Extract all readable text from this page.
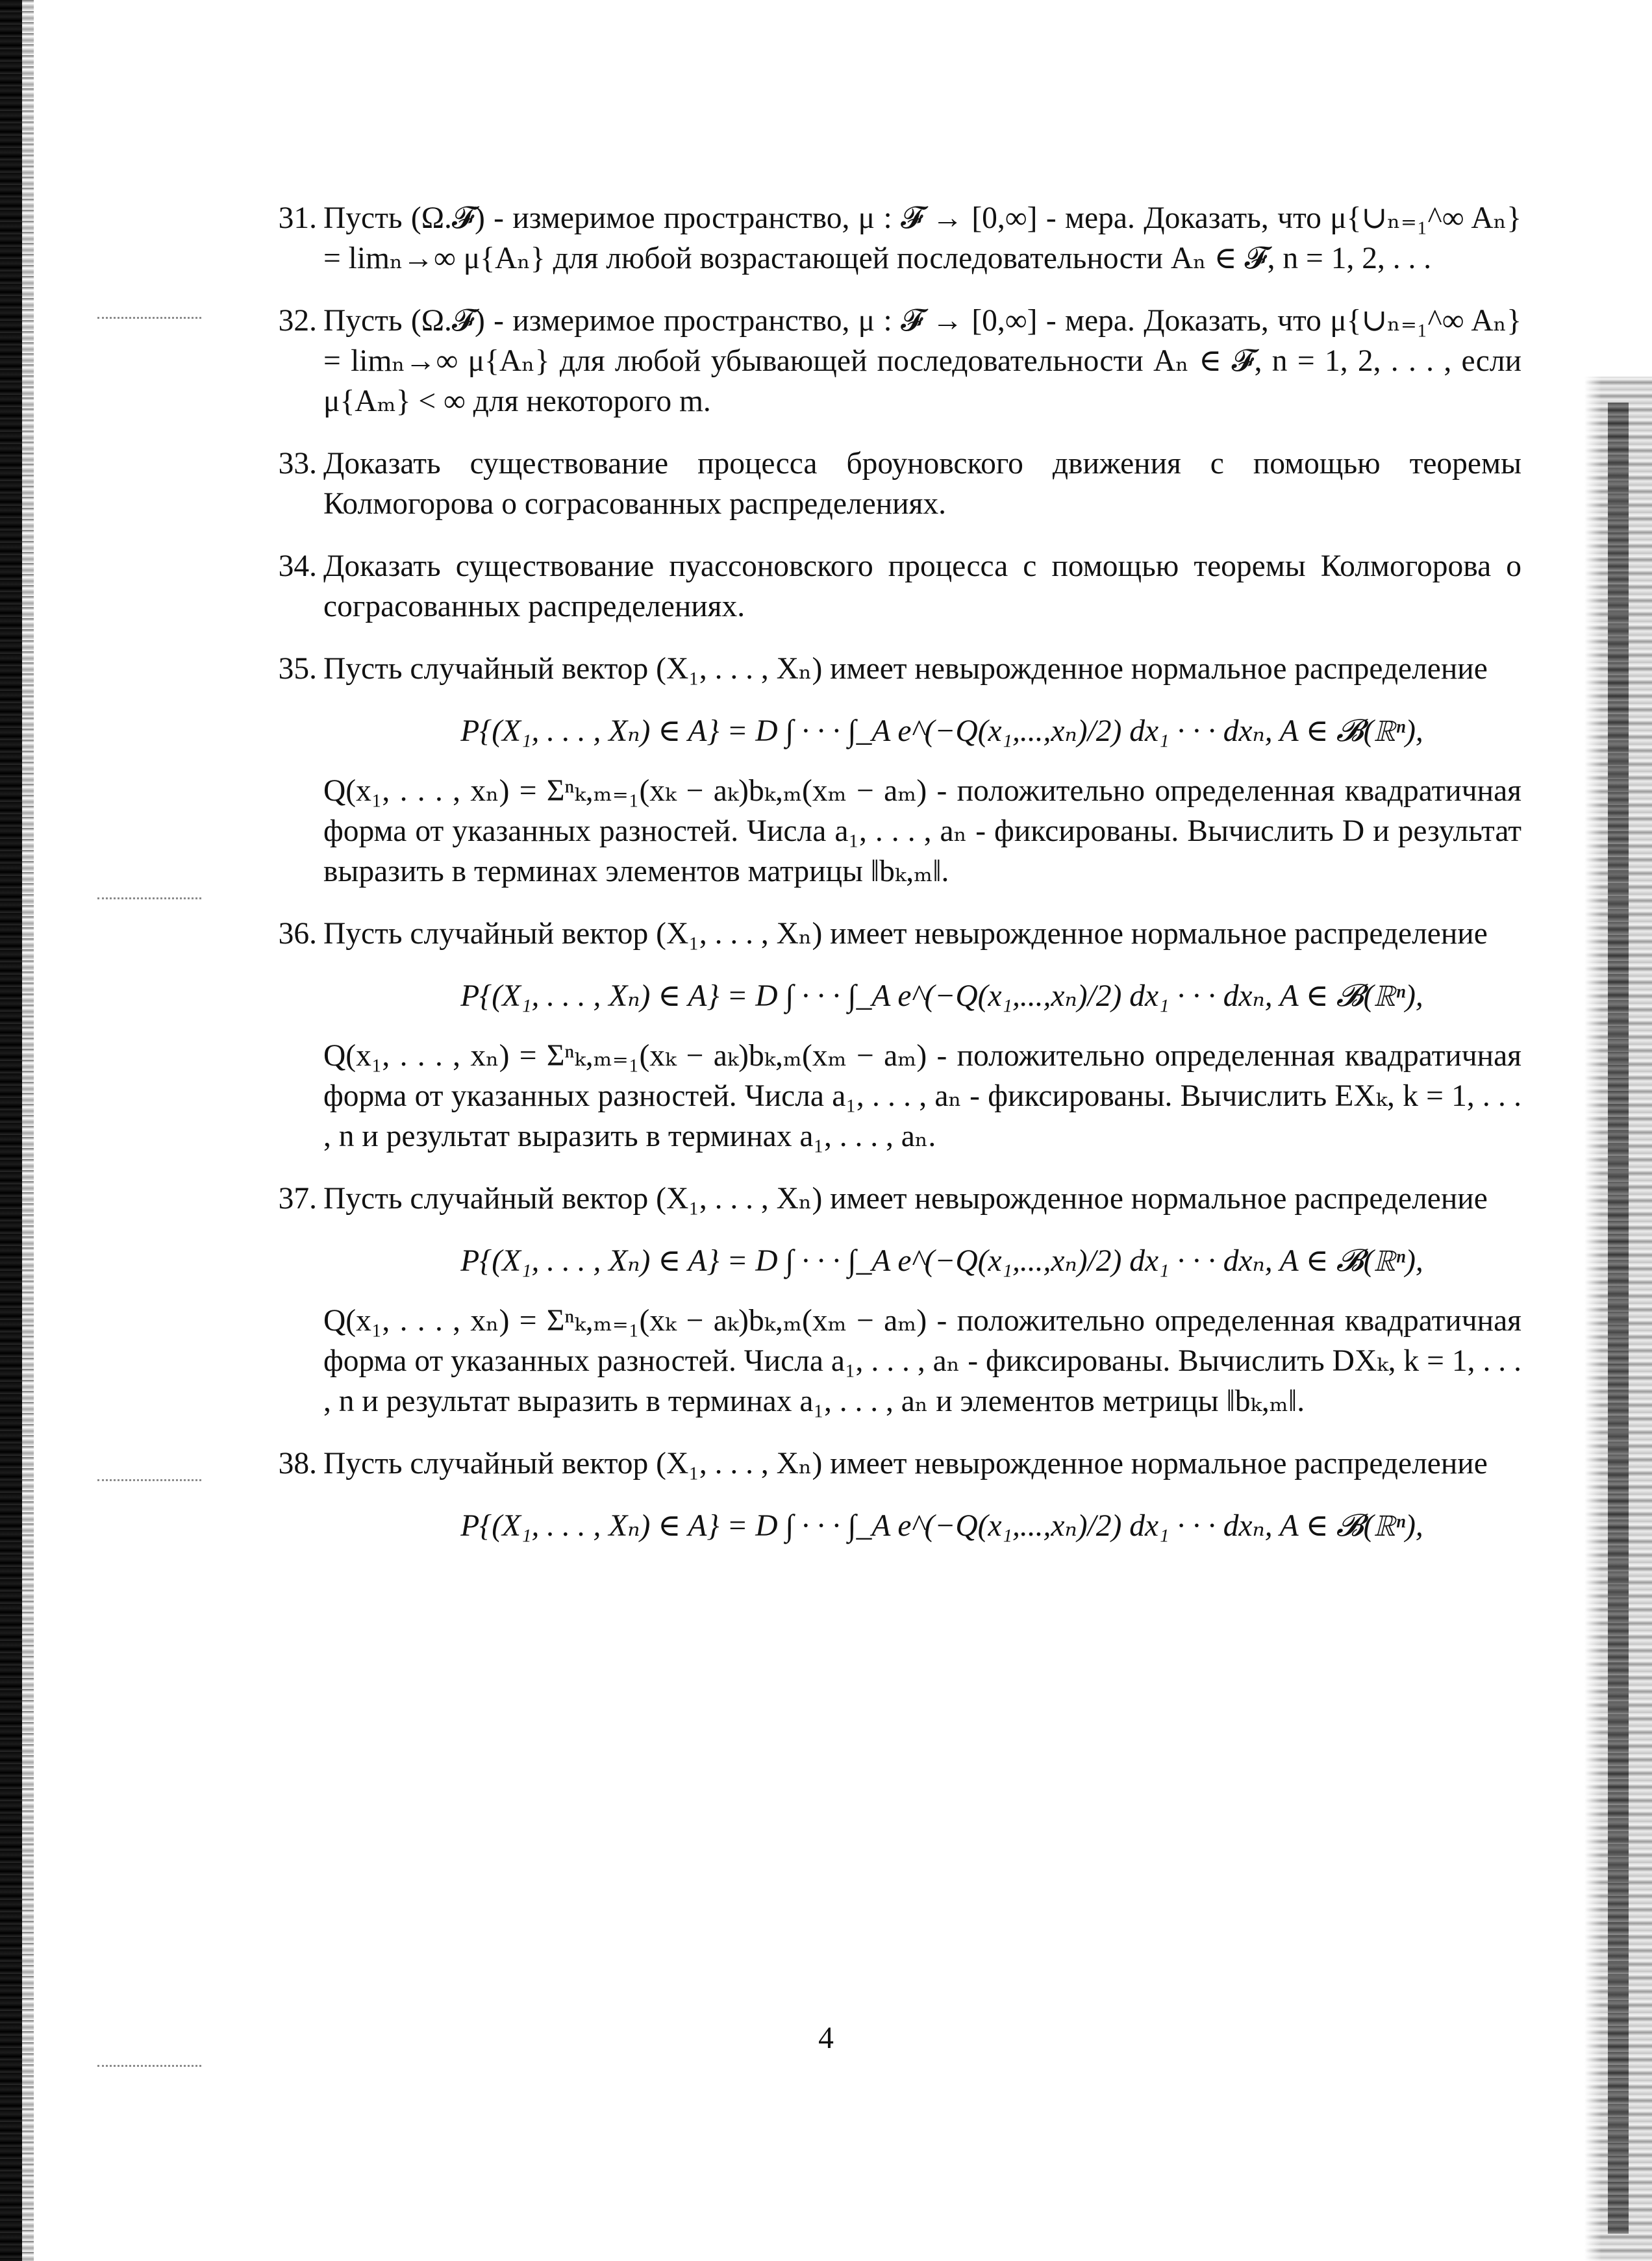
31. Пусть (Ω.𝓕) - измеримое пространство, μ : 𝓕 → [0,∞] - мера. Доказать, что μ{∪ₙ₌₁^∞ Aₙ} = limₙ→∞ μ{Aₙ} для любой возрастающей последовательности Aₙ ∈ 𝓕, n = 1, 2, . . .

32. Пусть (Ω.𝓕) - измеримое пространство, μ : 𝓕 → [0,∞] - мера. Доказать, что μ{∪ₙ₌₁^∞ Aₙ} = limₙ→∞ μ{Aₙ} для любой убывающей последовательности Aₙ ∈ 𝓕, n = 1, 2, . . . , если μ{Aₘ} < ∞ для некоторого m.

33. Доказать существование процесса броуновского движения с помощью теоремы Колмогорова о сограсованных распределениях.

34. Доказать существование пуассоновского процесса с помощью теоремы Колмогорова о сограсованных распределениях.

35. Пусть случайный вектор (X₁, . . . , Xₙ) имеет невырожденное нормальное распределение

P{(X₁, . . . , Xₙ) ∈ A} = D ∫ · · · ∫_A e^(−Q(x₁,...,xₙ)/2) dx₁ · · · dxₙ, A ∈ 𝓑(ℝⁿ),

Q(x₁, . . . , xₙ) = Σⁿₖ,ₘ₌₁(xₖ − aₖ)bₖ,ₘ(xₘ − aₘ) - положительно определенная квадратичная форма от указанных разностей. Числа a₁, . . . , aₙ - фиксированы. Вычислить D и результат выразить в терминах элементов матрицы ‖bₖ,ₘ‖.

36. Пусть случайный вектор (X₁, . . . , Xₙ) имеет невырожденное нормальное распределение

P{(X₁, . . . , Xₙ) ∈ A} = D ∫ · · · ∫_A e^(−Q(x₁,...,xₙ)/2) dx₁ · · · dxₙ, A ∈ 𝓑(ℝⁿ),

Q(x₁, . . . , xₙ) = Σⁿₖ,ₘ₌₁(xₖ − aₖ)bₖ,ₘ(xₘ − aₘ) - положительно определенная квадратичная форма от указанных разностей. Числа a₁, . . . , aₙ - фиксированы. Вычислить EXₖ, k = 1, . . . , n и результат выразить в терминах a₁, . . . , aₙ.

37. Пусть случайный вектор (X₁, . . . , Xₙ) имеет невырожденное нормальное распределение

P{(X₁, . . . , Xₙ) ∈ A} = D ∫ · · · ∫_A e^(−Q(x₁,...,xₙ)/2) dx₁ · · · dxₙ, A ∈ 𝓑(ℝⁿ),

Q(x₁, . . . , xₙ) = Σⁿₖ,ₘ₌₁(xₖ − aₖ)bₖ,ₘ(xₘ − aₘ) - положительно определенная квадратичная форма от указанных разностей. Числа a₁, . . . , aₙ - фиксированы. Вычислить DXₖ, k = 1, . . . , n и результат выразить в терминах a₁, . . . , aₙ и элементов метрицы ‖bₖ,ₘ‖.

38. Пусть случайный вектор (X₁, . . . , Xₙ) имеет невырожденное нормальное распределение

P{(X₁, . . . , Xₙ) ∈ A} = D ∫ · · · ∫_A e^(−Q(x₁,...,xₙ)/2) dx₁ · · · dxₙ, A ∈ 𝓑(ℝⁿ),
4
